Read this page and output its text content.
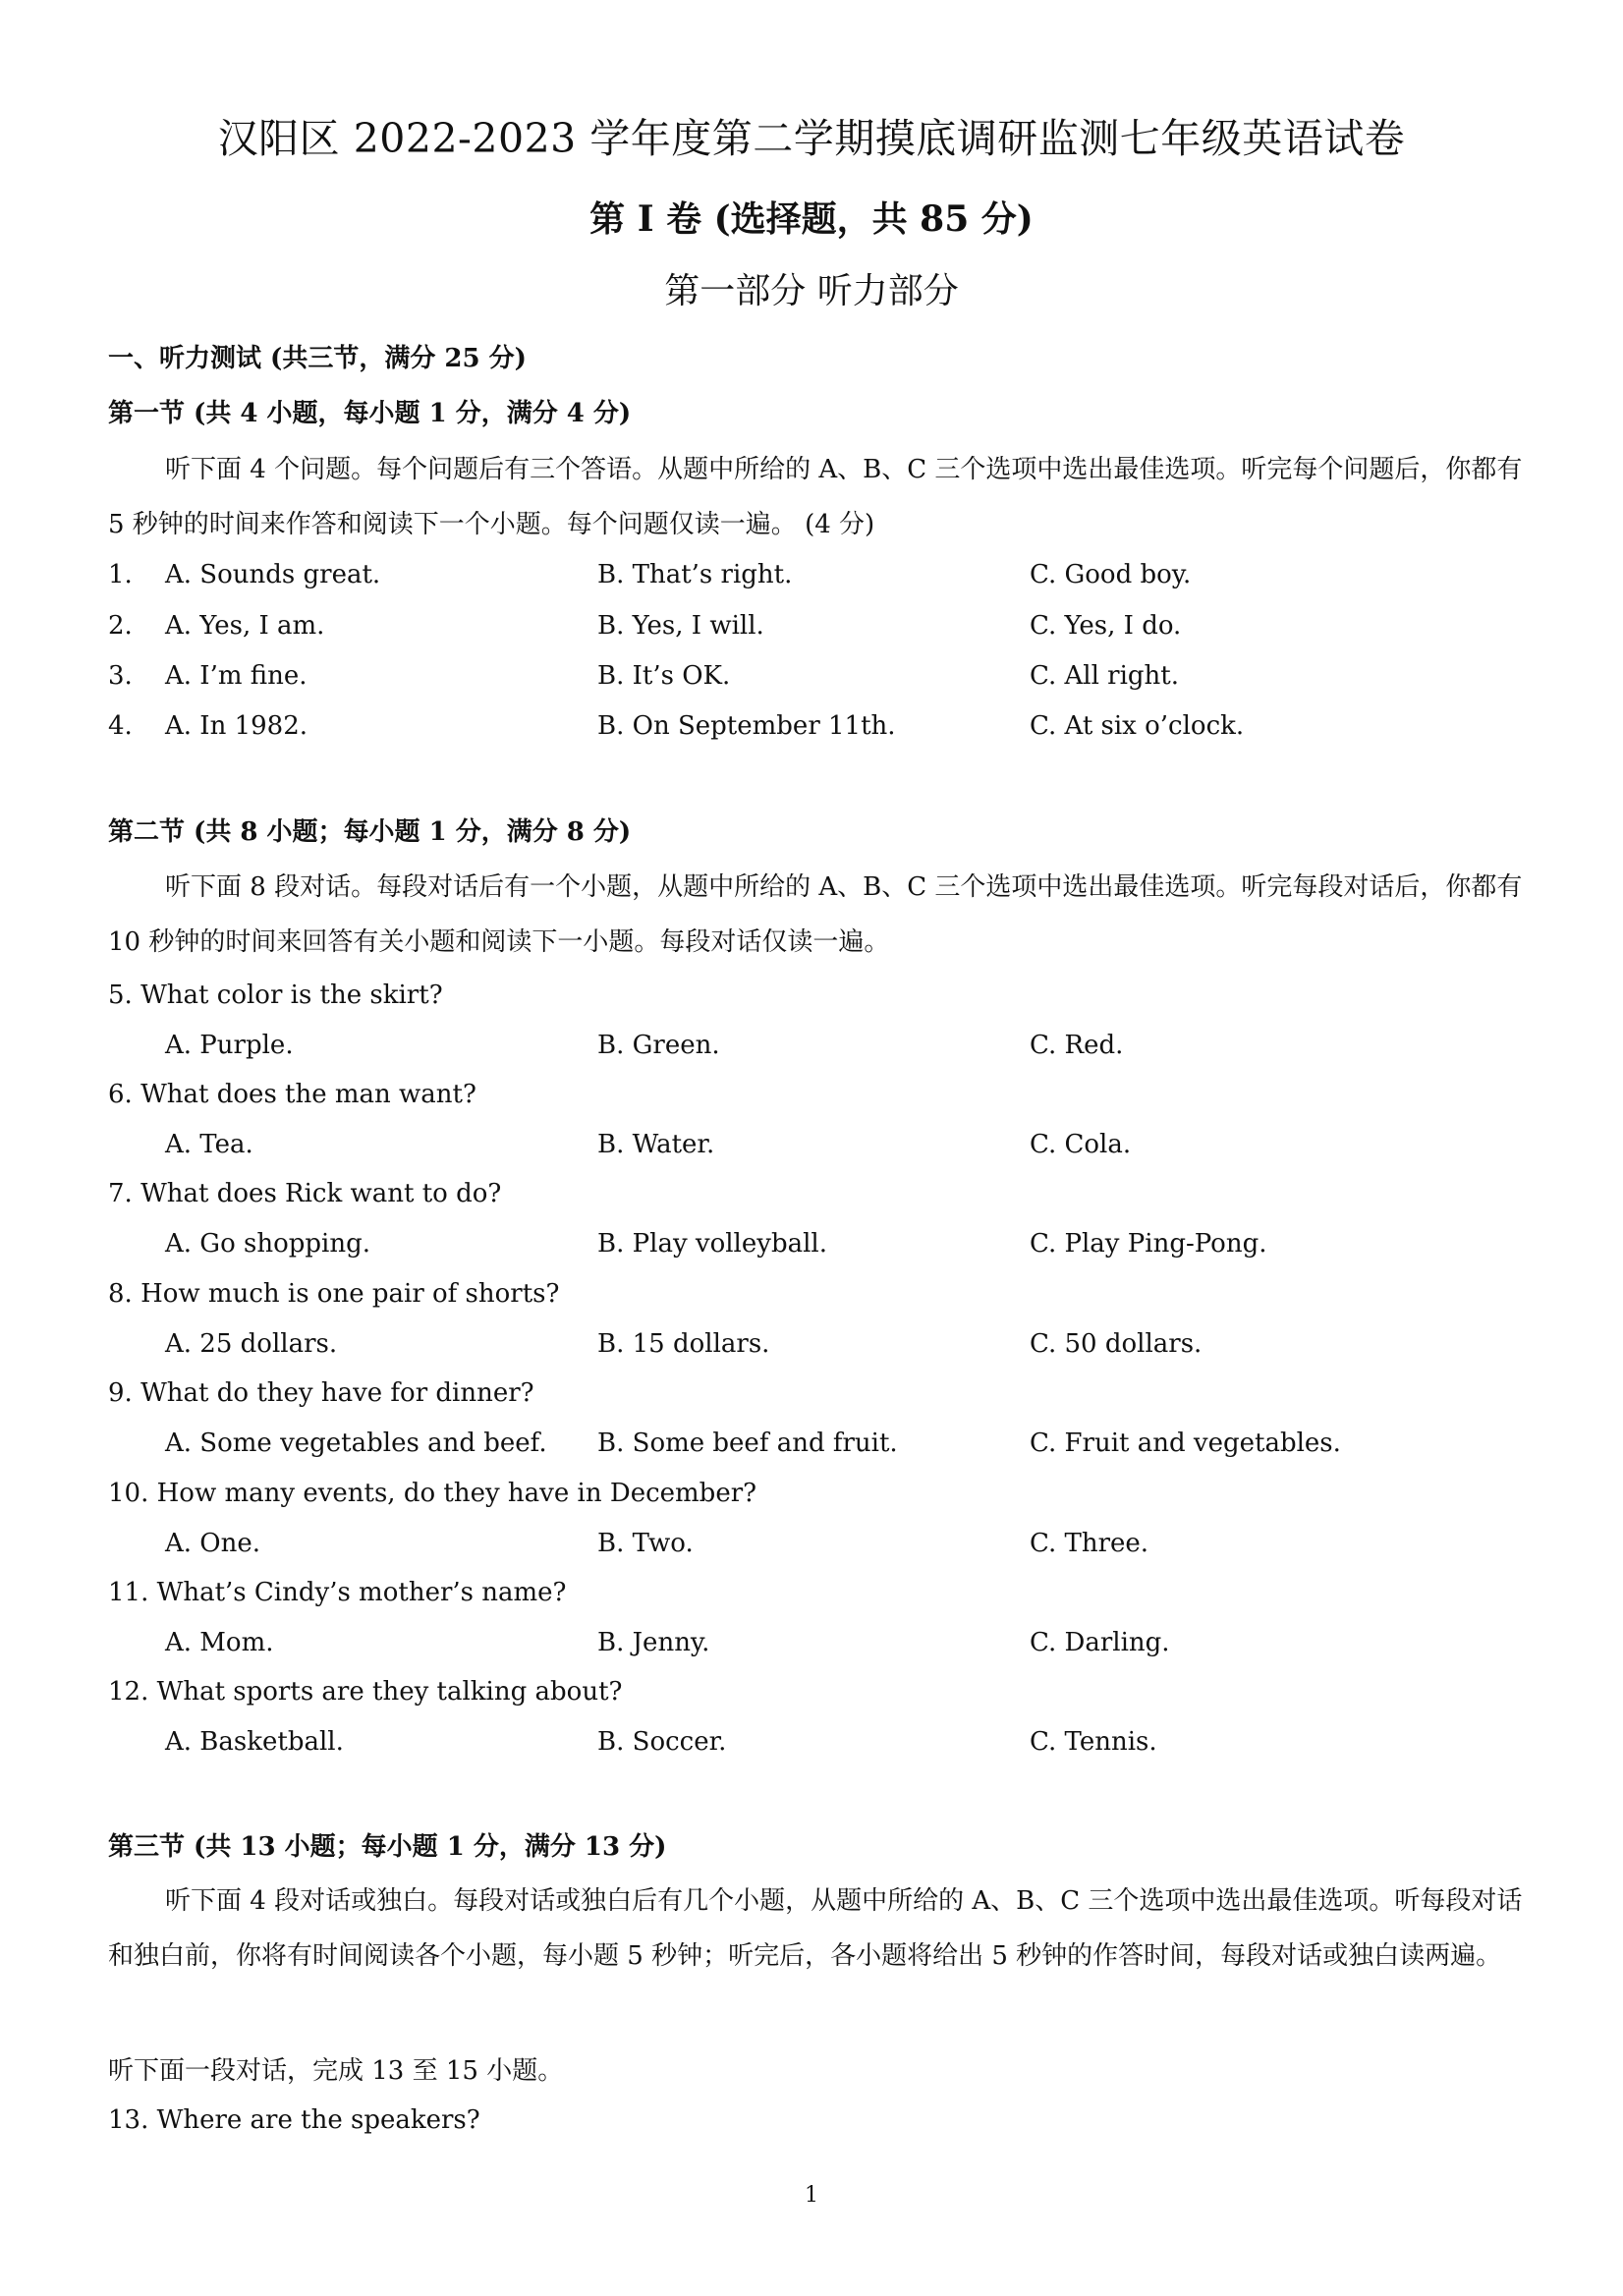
汉阳区 2022-2023 学年度第二学期摸底调研监测七年级英语试卷
第 I 卷 (选择题，共 85 分)
第一部分 听力部分
一、听力测试 (共三节，满分 25 分)
第一节 (共 4 小题，每小题 1 分，满分 4 分)
听下面 4 个问题。每个问题后有三个答语。从题中所给的 A、B、C 三个选项中选出最佳选项。听完每个问题后，你都有 5 秒钟的时间来作答和阅读下一个小题。每个问题仅读一遍。 (4 分)
1. A. Sounds great.	B. That’s right.	C. Good boy.
2. A. Yes, I am.	B. Yes, I will.	C. Yes, I do.
3. A. I’m fine.	B. It’s OK.	C. All right.
4. A. In 1982.	B. On September 11th.	C. At six o’clock.
第二节 (共 8 小题；每小题 1 分，满分 8 分)
听下面 8 段对话。每段对话后有一个小题，从题中所给的 A、B、C 三个选项中选出最佳选项。听完每段对话后，你都有 10 秒钟的时间来回答有关小题和阅读下一小题。每段对话仅读一遍。
5. What color is the skirt?
A. Purple.	B. Green.	C. Red.
6. What does the man want?
A. Tea.	B. Water.	C. Cola.
7. What does Rick want to do?
A. Go shopping.	B. Play volleyball.	C. Play Ping-Pong.
8. How much is one pair of shorts?
A. 25 dollars.	B. 15 dollars.	C. 50 dollars.
9. What do they have for dinner?
A. Some vegetables and beef. B. Some beef and fruit.	C. Fruit and vegetables.
10. How many events, do they have in December?
A. One.	B. Two.	C. Three.
11. What’s Cindy’s mother’s name?
A. Mom.	B. Jenny.	C. Darling.
12. What sports are they talking about?
A. Basketball.	B. Soccer.	C. Tennis.
第三节 (共 13 小题；每小题 1 分，满分 13 分)
听下面 4 段对话或独白。每段对话或独白后有几个小题，从题中所给的 A、B、C 三个选项中选出最佳选项。听每段对话和独白前，你将有时间阅读各个小题，每小题 5 秒钟；听完后，各小题将给出 5 秒钟的作答时间，每段对话或独白读两遍。
听下面一段对话，完成 13 至 15 小题。
13. Where are the speakers?
1
